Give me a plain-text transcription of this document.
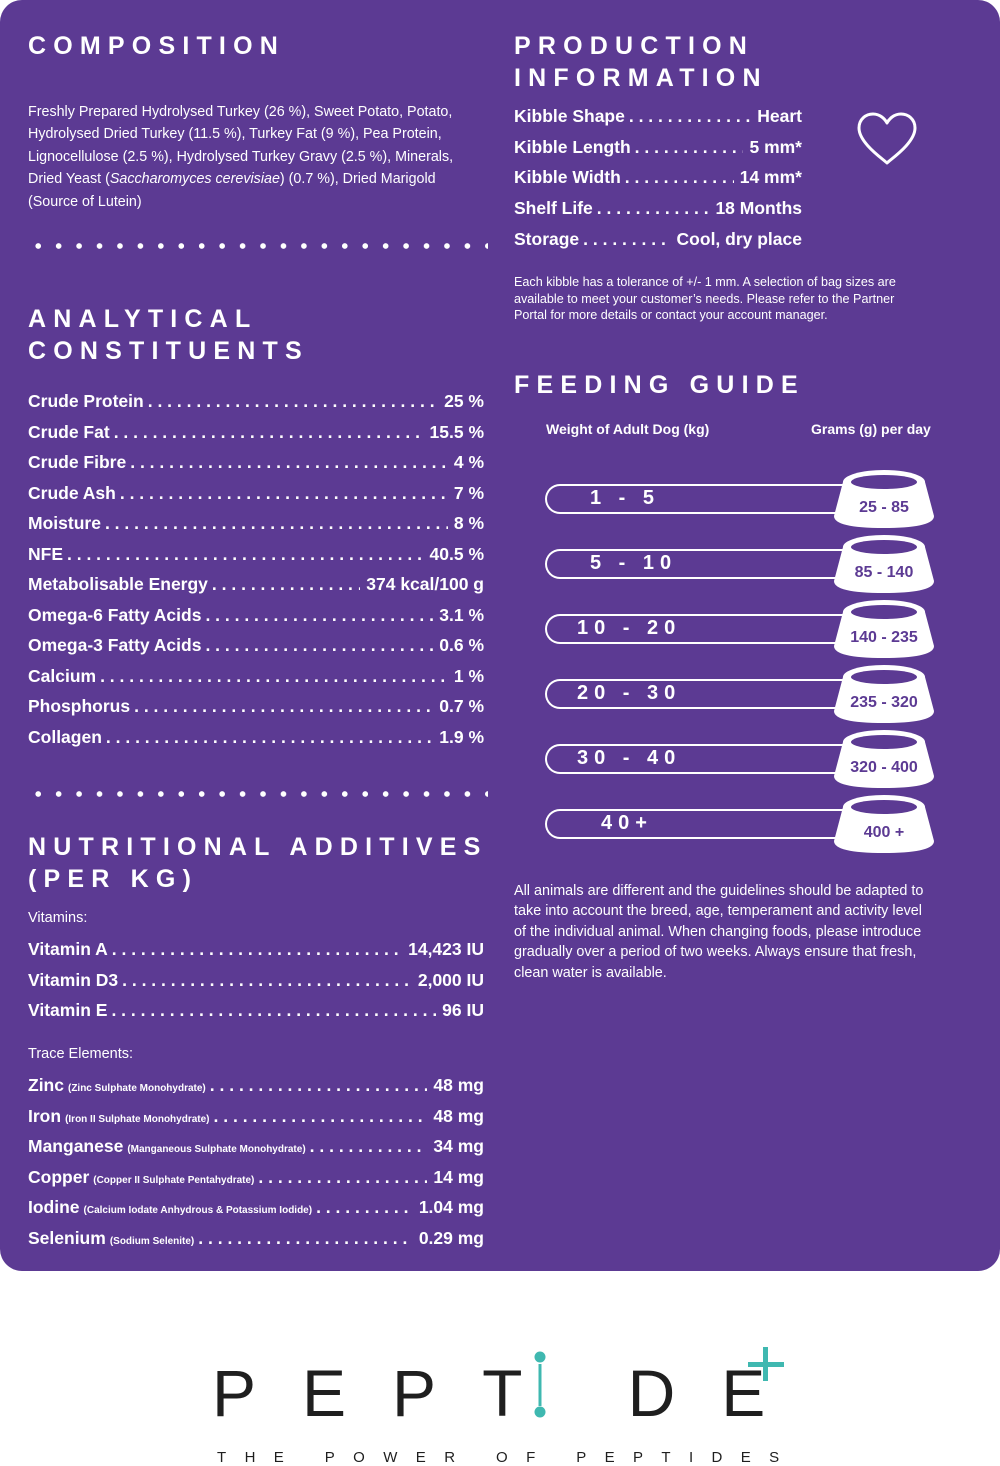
COMPOSITION
Freshly Prepared Hydrolysed Turkey (26 %), Sweet Potato, Potato,
Hydrolysed Dried Turkey (11.5 %), Turkey Fat (9 %), Pea Protein,
Lignocellulose (2.5 %), Hydrolysed Turkey Gravy (2.5 %), Minerals,
Dried Yeast (Saccharomyces cerevisiae) (0.7 %), Dried Marigold
(Source of Lutein)
ANALYTICAL
CONSTITUENTS
Crude Protein . . .	25 %
Crude Fat . . .	15.5 %
Crude Fibre . . .	4 %
Crude Ash . . .	7 %
Moisture . . .	8 %
NFE . . .	40.5 %
Metabolisable Energy . . .	374 kcal/100 g
Omega-6 Fatty Acids . . .	3.1 %
Omega-3 Fatty Acids . . .	0.6 %
Calcium . . .	1 %
Phosphorus . . .	0.7 %
Collagen . . .	1.9 %
NUTRITIONAL ADDITIVES
(PER KG)
Vitamins:
Vitamin A . . .	14,423 IU
Vitamin D3 . . .	2,000 IU
Vitamin E . . .	96 IU
Trace Elements:
Zinc (Zinc Sulphate Monohydrate) . . .	48 mg
Iron (Iron II Sulphate Monohydrate) . . .	48 mg
Manganese (Manganeous Sulphate Monohydrate) . . .	34 mg
Copper (Copper II Sulphate Pentahydrate) . . .	14 mg
Iodine (Calcium Iodate Anhydrous & Potassium Iodide) . . .	1.04 mg
Selenium (Sodium Selenite) . . .	0.29 mg
PRODUCTION
INFORMATION
Kibble Shape . . .	Heart
Kibble Length . . .	5 mm*
Kibble Width . . .	14 mm*
Shelf Life . . .	18 Months
Storage . . .	Cool, dry place
Each kibble has a tolerance of +/- 1 mm. A selection of bag sizes are
available to meet your customer’s needs. Please refer to the Partner
Portal for more details or contact your account manager.
FEEDING GUIDE
Weight of Adult Dog (kg)	Grams (g) per day
1 - 5	25 - 85
5 - 10	85 - 140
10 - 20	140 - 235
20 - 30	235 - 320
30 - 40	320 - 400
40+	400 +
All animals are different and the guidelines should be adapted to
take into account the breed, age, temperament and activity level
of the individual animal. When changing foods, please introduce
gradually over a period of two weeks. Always ensure that fresh,
clean water is available.
PEPT DE
THE POWER OF PEPTIDES
